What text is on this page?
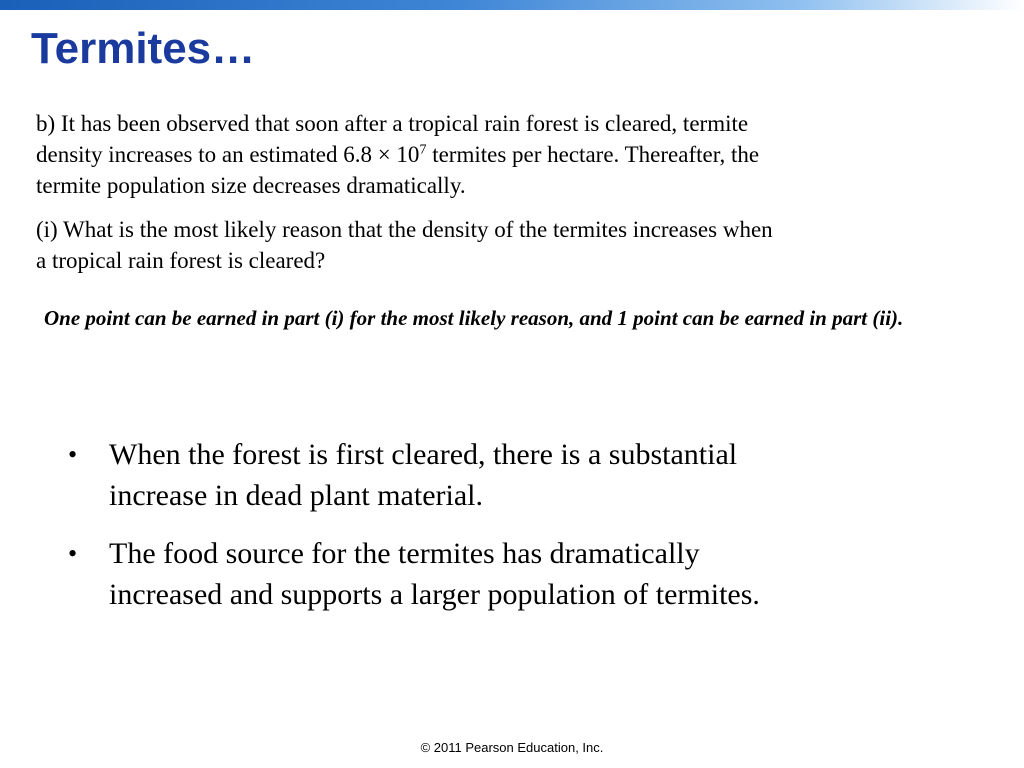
Termites…

b) It has been observed that soon after a tropical rain forest is cleared, termite
density increases to an estimated $6.8 \times 10^7$ termites per hectare. Thereafter, the
termite population size decreases dramatically.

(i) What is the most likely reason that the density of the termites increases when
a tropical rain forest is cleared?

One point can be earned in part (i) for the most likely reason, and 1 point can be earned in part (ii).

• When the forest is first cleared, there is a substantial
increase in dead plant material.
• The food source for the termites has dramatically
increased and supports a larger population of termites.
© 2011 Pearson Education, Inc.
